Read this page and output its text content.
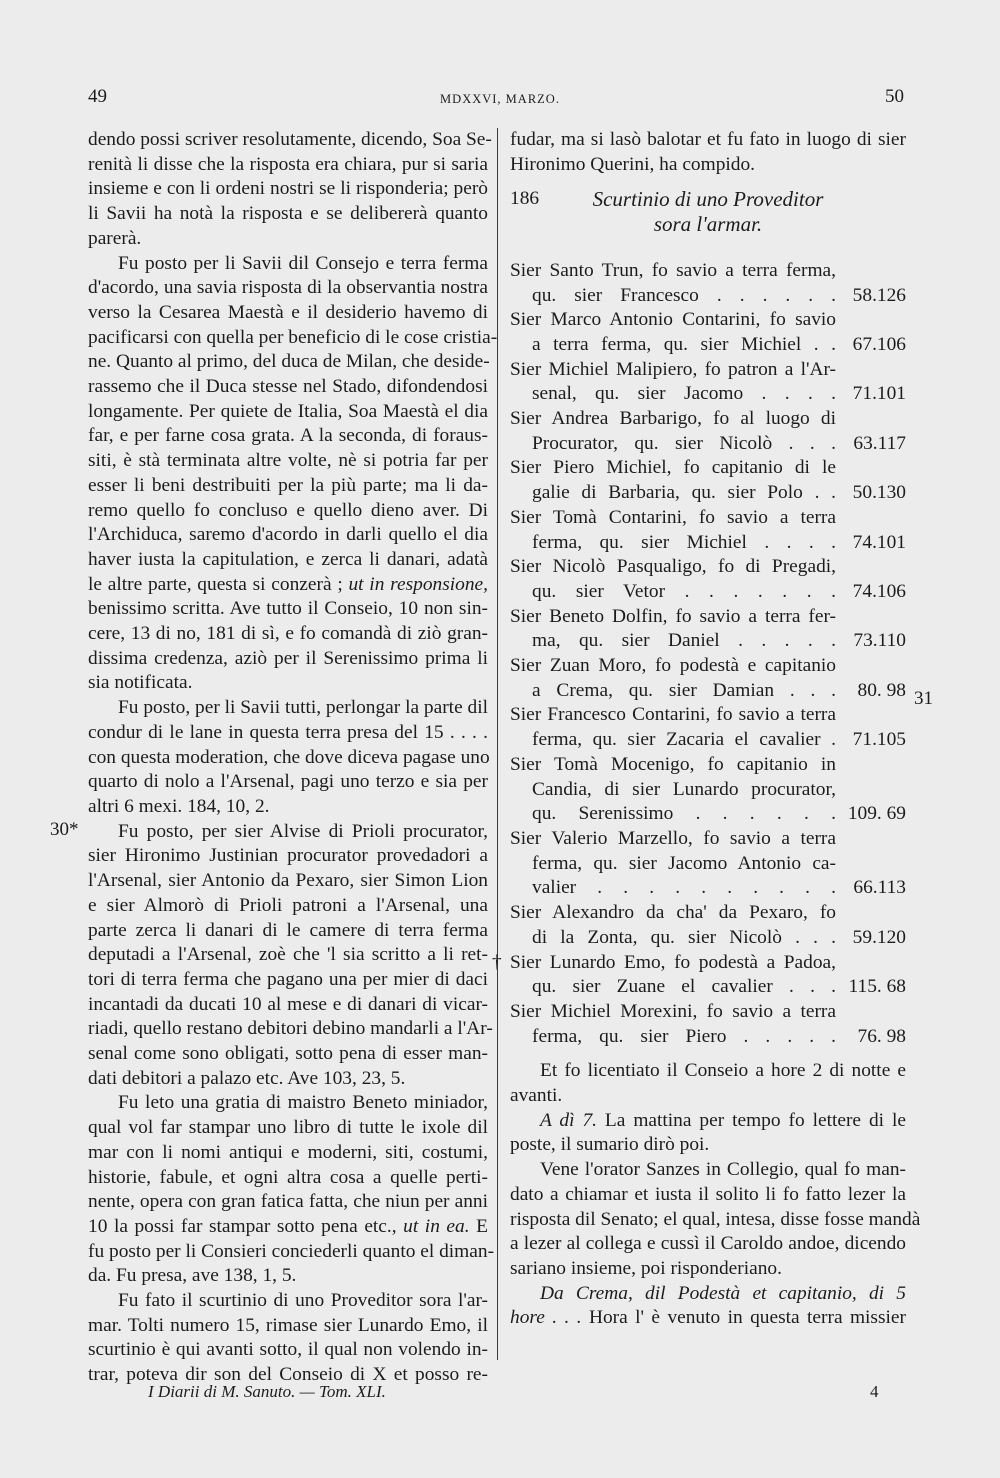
49	MDXXVI, MARZO.	50
dendo possi scriver resolutamente, dicendo, Soa Se-
renità li disse che la risposta era chiara, pur si saria
insieme e con li ordeni nostri se li risponderia; però
li Savii ha notà la risposta e se delibererà quanto
parerà.
Fu posto per li Savii dil Consejo e terra ferma
d'acordo, una savia risposta di la observantia nostra
verso la Cesarea Maestà e il desiderio havemo di
pacificarsi con quella per beneficio di le cose cristia-
ne. Quanto al primo, del duca de Milan, che deside-
rassemo che il Duca stesse nel Stado, difondendosi
longamente. Per quiete de Italia, Soa Maestà el dia
far, e per farne cosa grata. A la seconda, di foraus-
siti, è stà terminata altre volte, nè si potria far per
esser li beni destribuiti per la più parte; ma li da-
remo quello fo concluso e quello dieno aver. Di
l'Archiduca, saremo d'acordo in darli quello el dia
haver iusta la capitulation, e zerca li danari, adatà
le altre parte, questa si conzerà ; ut in responsione,
benissimo scritta. Ave tutto il Conseio, 10 non sin-
cere, 13 di no, 181 di sì, e fo comandà di ziò gran-
dissima credenza, aziò per il Serenissimo prima li
sia notificata.
Fu posto, per li Savii tutti, perlongar la parte dil
condur di le lane in questa terra presa del 15 . . . .
con questa moderation, che dove diceva pagase uno
quarto di nolo a l'Arsenal, pagi uno terzo e sia per
altri 6 mexi. 184, 10, 2.
Fu posto, per sier Alvise di Prioli procurator,
sier Hironimo Justinian procurator provedadori a
l'Arsenal, sier Antonio da Pexaro, sier Simon Lion
e sier Almorò di Prioli patroni a l'Arsenal, una
parte zerca li danari di le camere di terra ferma
deputadi a l'Arsenal, zoè che 'l sia scritto a li ret-
tori di terra ferma che pagano una per mier di daci
incantadi da ducati 10 al mese e di danari di vicar-
riadi, quello restano debitori debino mandarli a l'Ar-
senal come sono obligati, sotto pena di esser man-
dati debitori a palazo etc. Ave 103, 23, 5.
Fu leto una gratia di maistro Beneto miniador,
qual vol far stampar uno libro di tutte le ixole dil
mar con li nomi antiqui e moderni, siti, costumi,
historie, fabule, et ogni altra cosa a quelle perti-
nente, opera con gran fatica fatta, che niun per anni
10 la possi far stampar sotto pena etc., ut in ea. E
fu posto per li Consieri conciederli quanto el diman-
da. Fu presa, ave 138, 1, 5.
Fu fato il scurtinio di uno Proveditor sora l'ar-
mar. Tolti numero 15, rimase sier Lunardo Emo, il
scurtinio è qui avanti sotto, il qual non volendo in-
trar, poteva dir son del Conseio di X et posso re-
fudar, ma si lasò balotar et fu fato in luogo di sier
Hironimo Querini, ha compido.
186	Scurtinio di uno Proveditor
sora l'armar.
Sier Santo Trun, fo savio a terra ferma,
qu. sier Francesco . . . . . . 58.126
Sier Marco Antonio Contarini, fo savio
a terra ferma, qu. sier Michiel . . 67.106
Sier Michiel Malipiero, fo patron a l'Ar-
senal, qu. sier Jacomo . . . . 71.101
Sier Andrea Barbarigo, fo al luogo di
Procurator, qu. sier Nicolò . . . 63.117
Sier Piero Michiel, fo capitanio di le
galie di Barbaria, qu. sier Polo . . 50.130
Sier Tomà Contarini, fo savio a terra
ferma, qu. sier Michiel . . . . 74.101
Sier Nicolò Pasqualigo, fo di Pregadi,
qu. sier Vetor . . . . . . . 74.106
Sier Beneto Dolfin, fo savio a terra fer-
ma, qu. sier Daniel . . . . . 73.110
Sier Zuan Moro, fo podestà e capitanio
a Crema, qu. sier Damian . . .	80. 98
Sier Francesco Contarini, fo savio a terra
ferma, qu. sier Zacaria el cavalier . 71.105
Sier Tomà Mocenigo, fo capitanio in
Candia, di sier Lunardo procurator,
qu. Serenissimo . . . . . . 109. 69
Sier Valerio Marzello, fo savio a terra
ferma, qu. sier Jacomo Antonio ca-
valier . . . . . . . . . . 66.113
Sier Alexandro da cha' da Pexaro, fo
di la Zonta, qu. sier Nicolò . . . 59.120
† Sier Lunardo Emo, fo podestà a Padoa,
qu. sier Zuane el cavalier . . . 115. 68
Sier Michiel Morexini, fo savio a terra
ferma, qu. sier Piero . . . . .	76. 98
Et fo licentiato il Conseio a hore 2 di notte e
avanti.
A dì 7. La mattina per tempo fo lettere di le
poste, il sumario dirò poi.
Vene l'orator Sanzes in Collegio, qual fo man-
dato a chiamar et iusta il solito li fo fatto lezer la
risposta dil Senato; el qual, intesa, disse fosse mandà
a lezer al collega e cussì il Caroldo andoe, dicendo
sariano insieme, poi risponderiano.
Da Crema, dil Podestà et capitanio, di 5
hore . . . Hora l' è venuto in questa terra missier
30*
31
I Diarii di M. Sanuto. — Tom. XLI.	4
